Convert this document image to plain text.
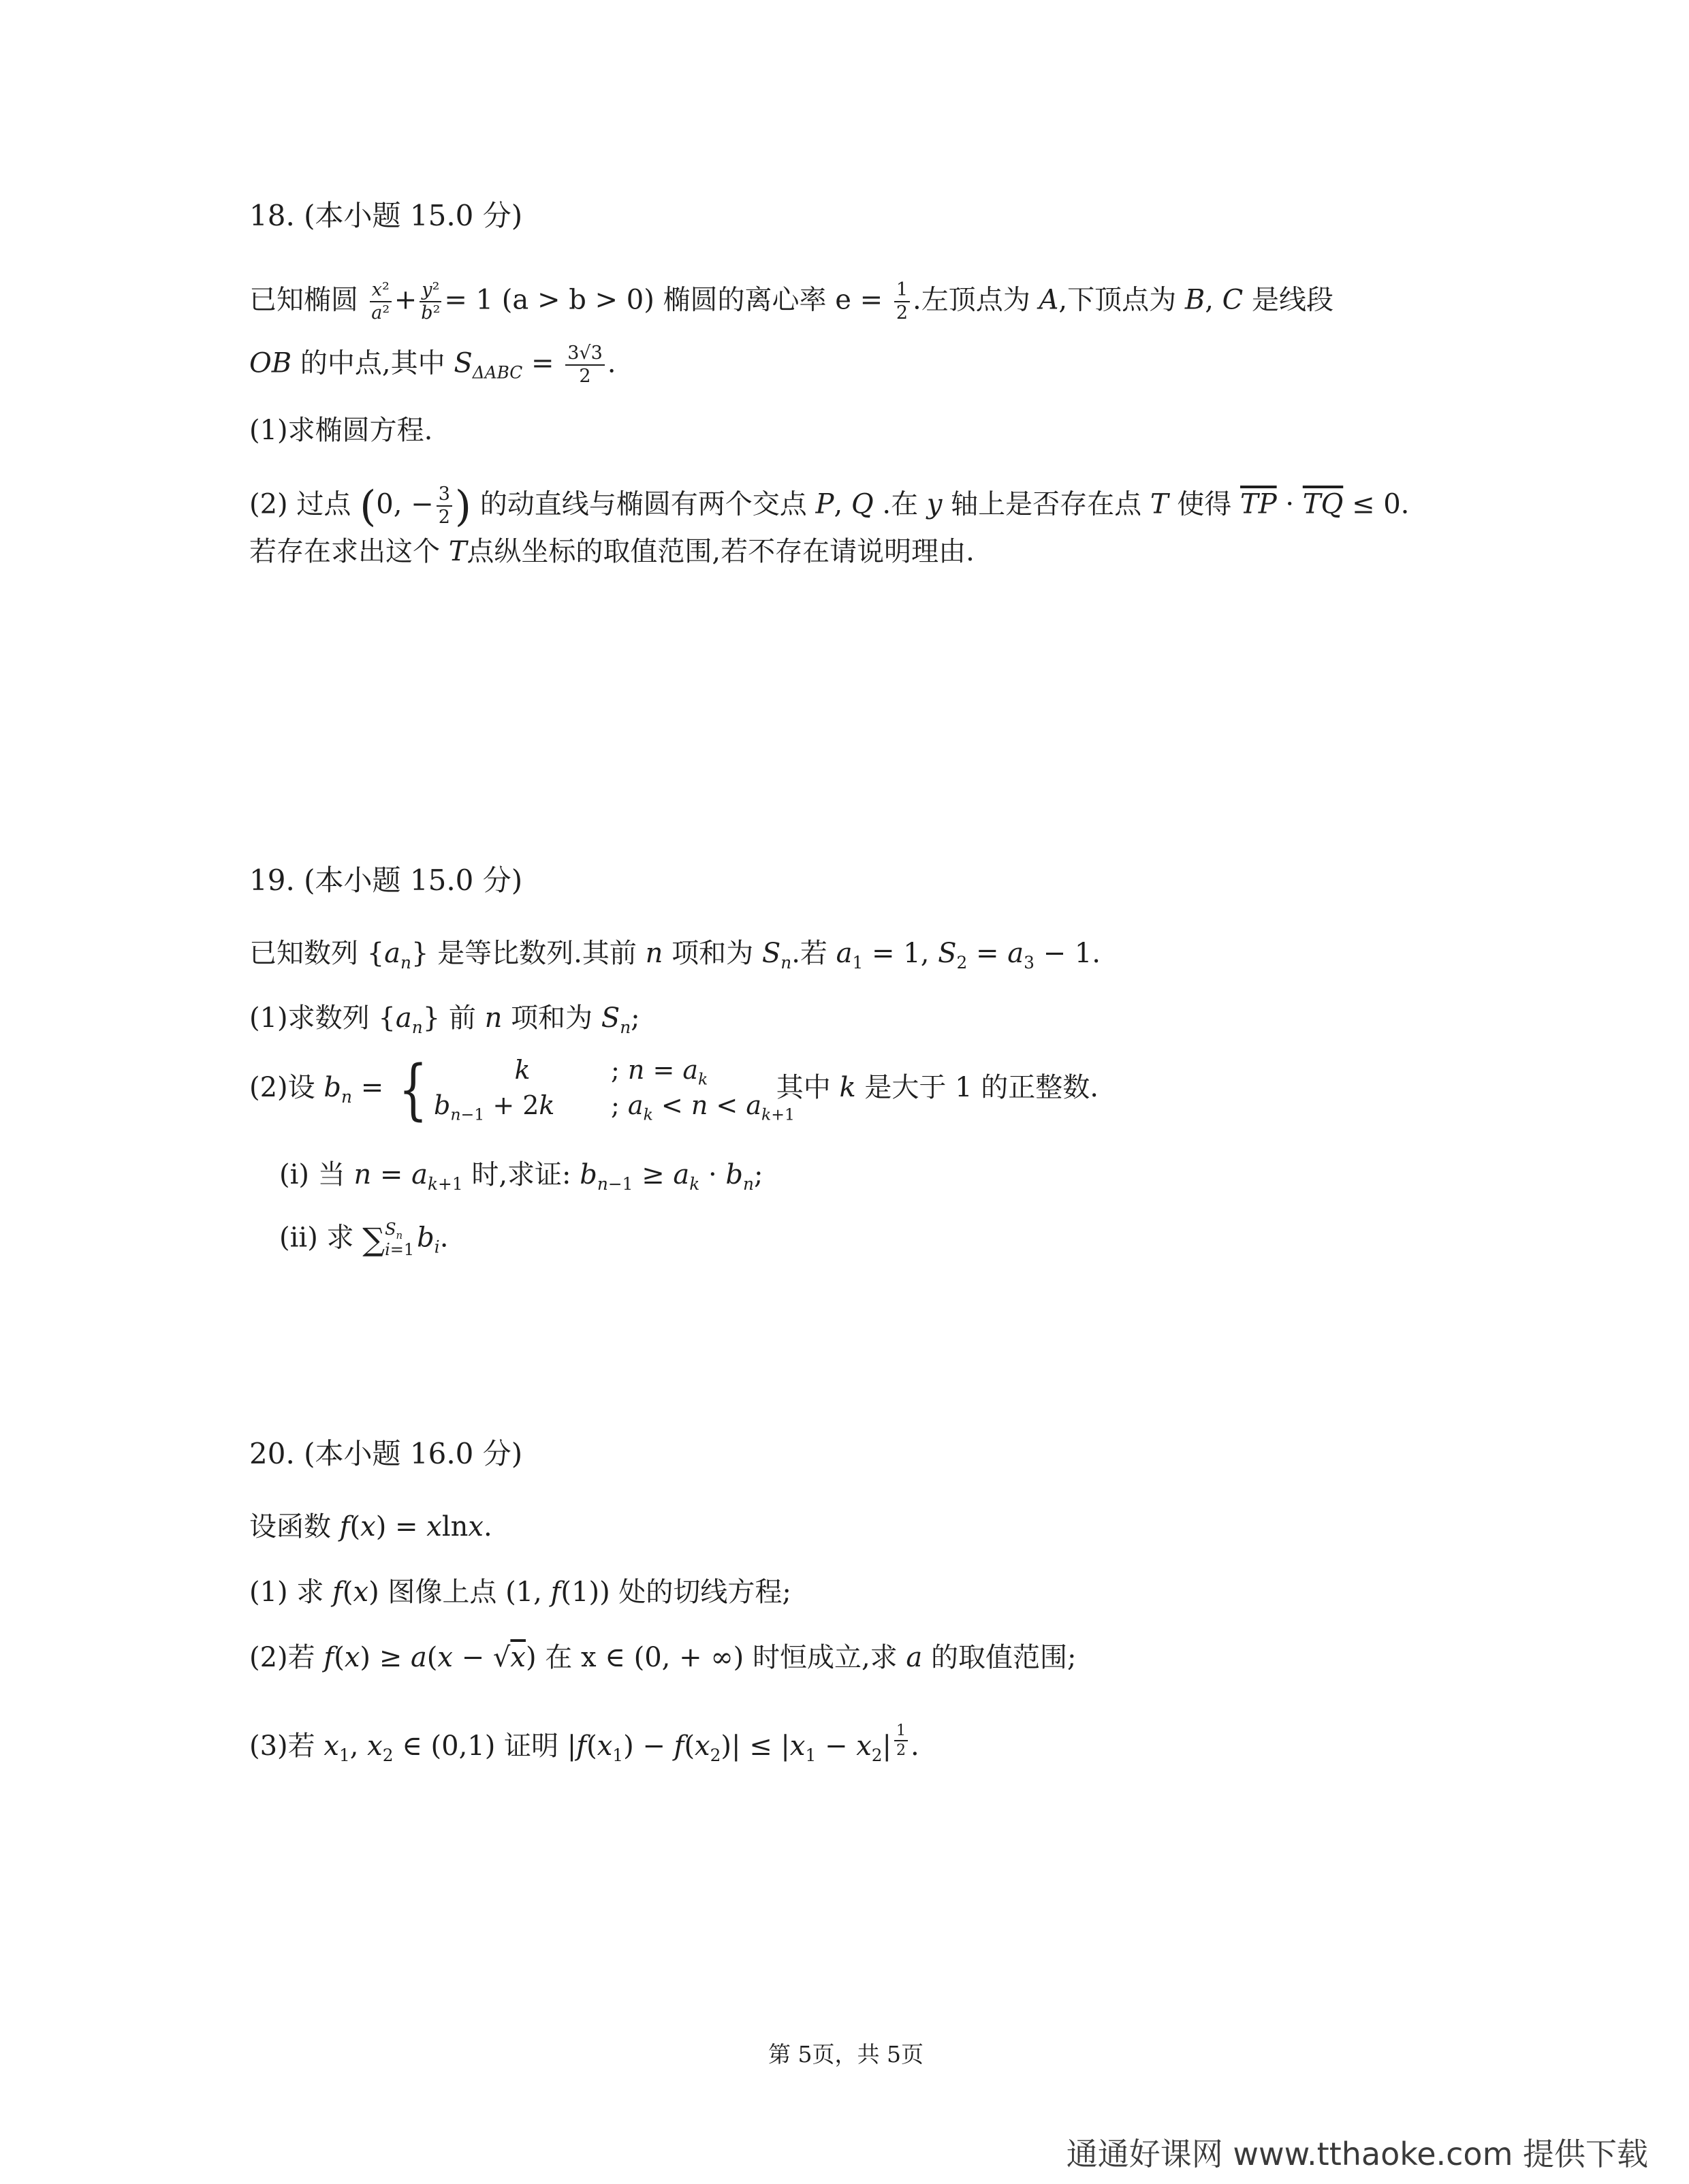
18. (本小题 15.0 分)
已知椭圆 $\frac{\text{x²}}{\text{a²}} + \frac{\text{y²}}{\text{b²}} = 1$ (a > b > 0) 椭圆的离心率 $e = \frac{1}{2}$ .左顶点为 A,下顶点为 B, C 是线段
OB 的中点,其中 $S_{\Delta ABC} = \frac{3√3}{2}$ .
(1)求椭圆方程.
(2) 过点 (0, − $\frac{3}{2}$ ) 的动直线与椭圆有两个交点 P, Q .在 y 轴上是否存在点 T 使得 $\overline{TP} \cdot \overline{TQ} \le 0$.
若存在求出这个 T点纵坐标的取值范围,若不存在请说明理由.
19. (本小题 15.0 分)
已知数列 $\{a_n\}$ 是等比数列.其前 n 项和为 $S_n$.若 $a_1 = 1$, $S_2 = a_3 - 1$.
(1)求数列 $\{a_n\}$ 前 n 项和为 $S_n$;
(2)设 $b_n$ = {	k	; $n = a_k$
$b_{n-1} + 2k$	; $a_k < n < a_{k+1}$
其中 k 是大于 1 的正整数.
(i) 当 $n = a_{k+1}$ 时,求证: $b_{n-1} \ge a_k \cdot b_n$;
(ii) 求 ∑ $S_n$
i=1 $b_i$.
20. (本小题 16.0 分)
设函数 f(x) = xlnx.
(1) 求 f(x) 图像上点 (1, f(1)) 处的切线方程;
(2)若 f(x) ≥ a(x − √x) 在 x ∈ (0, + ∞) 时恒成立,求 a 的取值范围;
(3)若 $x_1$, $x_2$ ∈ (0,1) 证明 $|f(x_1) - f(x_2)| \le |x_1 - x_2|$ $^{\frac{1}{2}}$ .
第 5页，共 5页
通通好课网 www.tthaoke.com 提供下载
